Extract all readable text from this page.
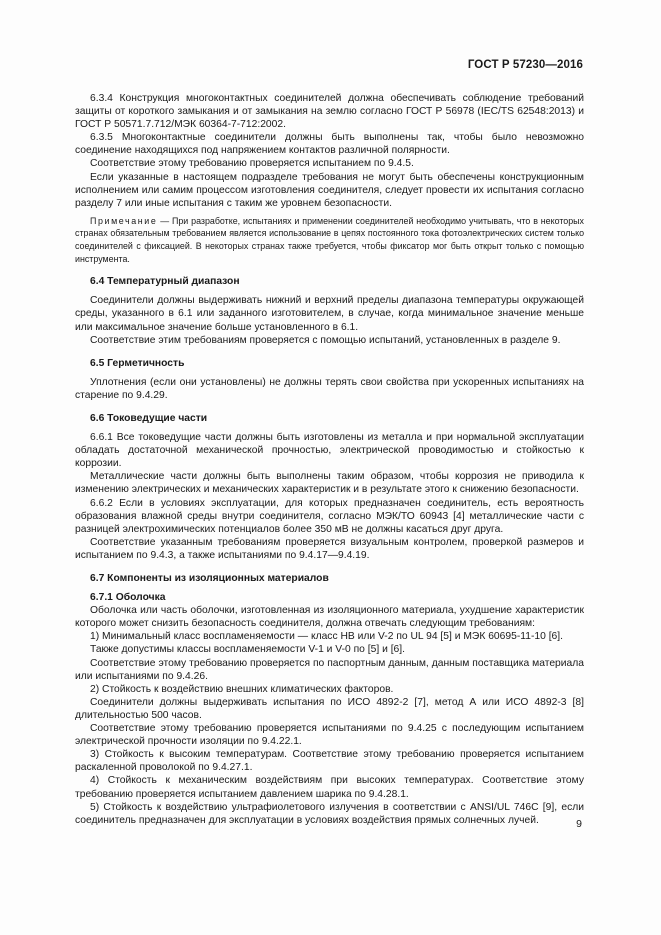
ГОСТ Р 57230—2016

6.3.4 Конструкция многоконтактных соединителей должна обеспечивать соблюдение требований защиты от короткого замыкания и от замыкания на землю согласно ГОСТ Р 56978 (IEC/TS 62548:2013) и ГОСТ Р 50571.7.712/МЭК 60364-7-712:2002.

6.3.5 Многоконтактные соединители должны быть выполнены так, чтобы было невозможно соединение находящихся под напряжением контактов различной полярности.

Соответствие этому требованию проверяется испытанием по 9.4.5.

Если указанные в настоящем подразделе требования не могут быть обеспечены конструкционным исполнением или самим процессом изготовления соединителя, следует провести их испытания согласно разделу 7 или иные испытания с таким же уровнем безопасности.

Примечание — При разработке, испытаниях и применении соединителей необходимо учитывать, что в некоторых странах обязательным требованием является использование в цепях постоянного тока фотоэлектрических систем только соединителей с фиксацией. В некоторых странах также требуется, чтобы фиксатор мог быть открыт только с помощью инструмента.

6.4 Температурный диапазон

Соединители должны выдерживать нижний и верхний пределы диапазона температуры окружающей среды, указанного в 6.1 или заданного изготовителем, в случае, когда минимальное значение меньше или максимальное значение больше установленного в 6.1.

Соответствие этим требованиям проверяется с помощью испытаний, установленных в разделе 9.

6.5 Герметичность

Уплотнения (если они установлены) не должны терять свои свойства при ускоренных испытаниях на старение по 9.4.29.

6.6 Токоведущие части

6.6.1 Все токоведущие части должны быть изготовлены из металла и при нормальной эксплуатации обладать достаточной механической прочностью, электрической проводимостью и стойкостью к коррозии.

Металлические части должны быть выполнены таким образом, чтобы коррозия не приводила к изменению электрических и механических характеристик и в результате этого к снижению безопасности.

6.6.2 Если в условиях эксплуатации, для которых предназначен соединитель, есть вероятность образования влажной среды внутри соединителя, согласно МЭК/ТО 60943 [4] металлические части с разницей электрохимических потенциалов более 350 мВ не должны касаться друг друга.

Соответствие указанным требованиям проверяется визуальным контролем, проверкой размеров и испытанием по 9.4.3, а также испытаниями по 9.4.17—9.4.19.

6.7 Компоненты из изоляционных материалов

6.7.1 Оболочка

Оболочка или часть оболочки, изготовленная из изоляционного материала, ухудшение характеристик которого может снизить безопасность соединителя, должна отвечать следующим требованиям:

1) Минимальный класс воспламеняемости — класс НВ или V-2 по UL 94 [5] и МЭК 60695-11-10 [6].

Также допустимы классы воспламеняемости V-1 и V-0 по [5] и [6].

Соответствие этому требованию проверяется по паспортным данным, данным поставщика материала или испытаниями по 9.4.26.

2) Стойкость к воздействию внешних климатических факторов.

Соединители должны выдерживать испытания по ИСО 4892-2 [7], метод А или ИСО 4892-3 [8] длительностью 500 часов.

Соответствие этому требованию проверяется испытаниями по 9.4.25 с последующим испытанием электрической прочности изоляции по 9.4.22.1.

3) Стойкость к высоким температурам. Соответствие этому требованию проверяется испытанием раскаленной проволокой по 9.4.27.1.

4) Стойкость к механическим воздействиям при высоких температурах. Соответствие этому требованию проверяется испытанием давлением шарика по 9.4.28.1.

5) Стойкость к воздействию ультрафиолетового излучения в соответствии с ANSI/UL 746С [9], если соединитель предназначен для эксплуатации в условиях воздействия прямых солнечных лучей.	9
